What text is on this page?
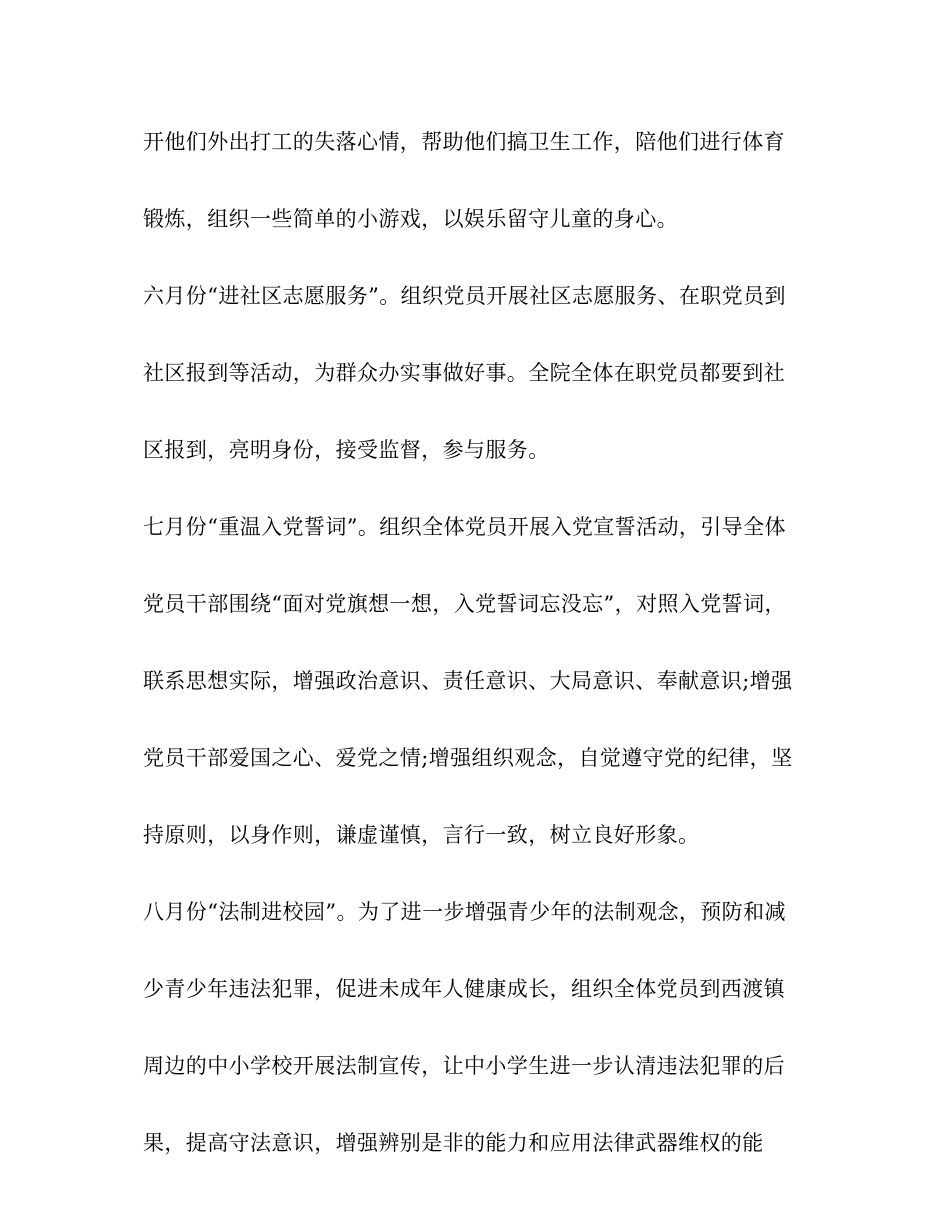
开他们外出打工的失落心情，帮助他们搞卫生工作，陪他们进行体育
锻炼，组织一些简单的小游戏，以娱乐留守儿童的身心。
六月份“进社区志愿服务”。组织党员开展社区志愿服务、在职党员到
社区报到等活动，为群众办实事做好事。全院全体在职党员都要到社
区报到，亮明身份，接受监督，参与服务。
七月份“重温入党誓词”。组织全体党员开展入党宣誓活动，引导全体
党员干部围绕“面对党旗想一想，入党誓词忘没忘”，对照入党誓词，
联系思想实际，增强政治意识、责任意识、大局意识、奉献意识;增强
党员干部爱国之心、爱党之情;增强组织观念，自觉遵守党的纪律，坚
持原则，以身作则，谦虚谨慎，言行一致，树立良好形象。
八月份“法制进校园”。为了进一步增强青少年的法制观念，预防和减
少青少年违法犯罪，促进未成年人健康成长，组织全体党员到西渡镇
周边的中小学校开展法制宣传，让中小学生进一步认清违法犯罪的后
果，提高守法意识，增强辨别是非的能力和应用法律武器维权的能
